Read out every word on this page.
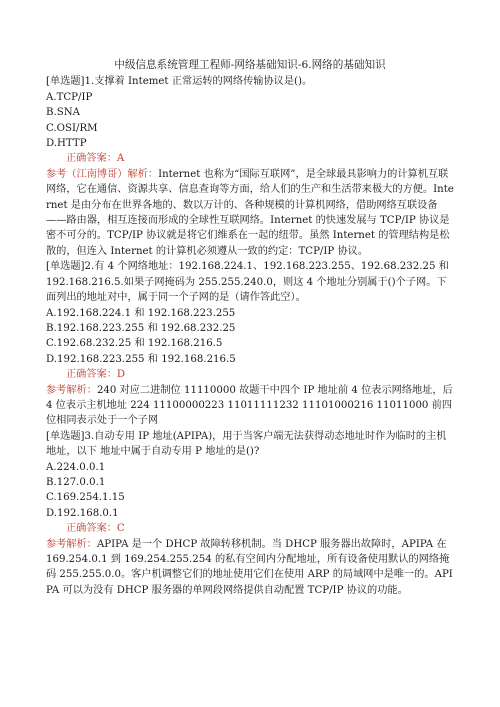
中级信息系统管理工程师-网络基础知识-6.网络的基础知识
[单选题]1.支撑着 Intemet 正常运转的网络传输协议是()。
A.TCP/IP
B.SNA
C.OSI/RM
D.HTTP
正确答案：A
参考（江南博哥）解析：Internet 也称为“国际互联网”，是全球最具影响力的计算机互联网络，它在通信、资源共享、信息查询等方面，给人们的生产和生活带来极大的方便。Internet 是由分布在世界各地的、数以万计的、各种规模的计算机网络，借助网络互联设备——路由器，相互连接而形成的全球性互联网络。Internet 的快速发展与 TCP/IP 协议是密不可分的。TCP/IP 协议就是将它们维系在一起的纽带。虽然 Internet 的管理结构是松散的，但连入 Internet 的计算机必须遵从一致的约定：TCP/IP 协议。
[单选题]2.有 4 个网络地址：192.168.224.1、192.168.223.255、192.68.232.25 和 192.168.216.5.如果子网掩码为 255.255.240.0，则这 4 个地址分别属于()个子网。下面列出的地址对中，属于同一个子网的是（请作答此空）。
A.192.168.224.1 和 192.168.223.255
B.192.168.223.255 和 192.68.232.25
C.192.68.232.25 和 192.168.216.5
D.192.168.223.255 和 192.168.216.5
正确答案：D
参考解析：240 对应二进制位 11110000 故题干中四个 IP 地址前 4 位表示网络地址，后 4 位表示主机地址 224 11100000223 11011111232 11101000216 11011000 前四位相同表示处于一个子网
[单选题]3.自动专用 IP 地址(APIPA)，用于当客户端无法获得动态地址时作为临时的主机地址，以下 地址中属于自动专用 P 地址的是()?
A.224.0.0.1
B.127.0.0.1
C.169.254.1.15
D.192.168.0.1
正确答案：C
参考解析：APIPA 是一个 DHCP 故障转移机制。当 DHCP 服务器出故障时，APIPA 在 169.254.0.1 到 169.254.255.254 的私有空间内分配地址，所有设备使用默认的网络掩码 255.255.0.0。客户机调整它们的地址使用它们在使用 ARP 的局域网中是唯一的。APIPA 可以为没有 DHCP 服务器的单网段网络提供自动配置 TCP/IP 协议的功能。
